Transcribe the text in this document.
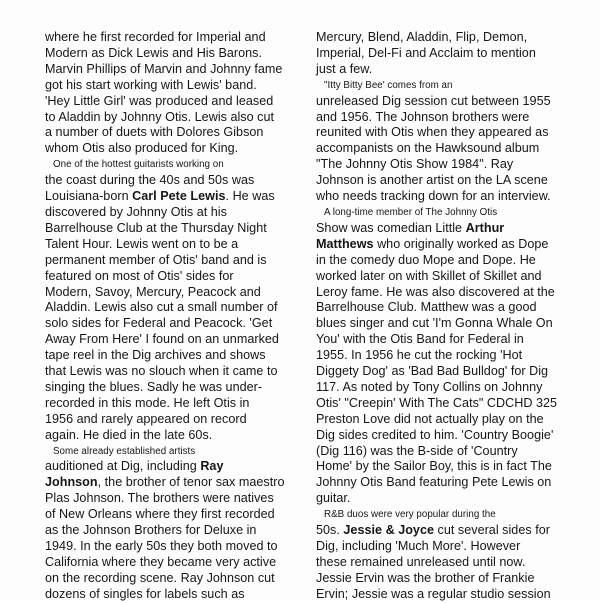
where he first recorded for Imperial and
Modern as Dick Lewis and His Barons.
Marvin Phillips of Marvin and Johnny fame
got his start working with Lewis' band.
'Hey Little Girl' was produced and leased
to Aladdin by Johnny Otis. Lewis also cut
a number of duets with Dolores Gibson
whom Otis also produced for King.
One of the hottest guitarists working on
the coast during the 40s and 50s was
Louisiana-born Carl Pete Lewis. He was
discovered by Johnny Otis at his
Barrelhouse Club at the Thursday Night
Talent Hour. Lewis went on to be a
permanent member of Otis' band and is
featured on most of Otis' sides for
Modern, Savoy, Mercury, Peacock and
Aladdin. Lewis also cut a small number of
solo sides for Federal and Peacock. 'Get
Away From Here' I found on an unmarked
tape reel in the Dig archives and shows
that Lewis was no slouch when it came to
singing the blues. Sadly he was under-
recorded in this mode. He left Otis in
1956 and rarely appeared on record
again. He died in the late 60s.
Some already established artists
auditioned at Dig, including Ray
Johnson, the brother of tenor sax maestro
Plas Johnson. The brothers were natives
of New Orleans where they first recorded
as the Johnson Brothers for Deluxe in
1949. In the early 50s they both moved to
California where they became very active
on the recording scene. Ray Johnson cut
dozens of singles for labels such as
Mercury, Blend, Aladdin, Flip, Demon,
Imperial, Del-Fi and Acclaim to mention
just a few.
"Itty Bitty Bee' comes from an
unreleased Dig session cut between 1955
and 1956. The Johnson brothers were
reunited with Otis when they appeared as
accompanists on the Hawksound album
"The Johnny Otis Show 1984". Ray
Johnson is another artist on the LA scene
who needs tracking down for an interview.
A long-time member of The Johnny Otis
Show was comedian Little Arthur
Matthews who originally worked as Dope
in the comedy duo Mope and Dope. He
worked later on with Skillet of Skillet and
Leroy fame. He was also discovered at the
Barrelhouse Club. Matthew was a good
blues singer and cut 'I'm Gonna Whale On
You' with the Otis Band for Federal in
1955. In 1956 he cut the rocking 'Hot
Diggety Dog' as 'Bad Bad Bulldog' for Dig
117. As noted by Tony Collins on Johnny
Otis' "Creepin' With The Cats" CDCHD 325
Preston Love did not actually play on the
Dig sides credited to him. 'Country Boogie'
(Dig 116) was the B-side of 'Country
Home' by the Sailor Boy, this is in fact The
Johnny Otis Band featuring Pete Lewis on
guitar.
R&B duos were very popular during the
50s. Jessie & Joyce cut several sides for
Dig, including 'Much More'. However
these remained unreleased until now.
Jessie Ervin was the brother of Frankie
Ervin; Jessie was a regular studio session
